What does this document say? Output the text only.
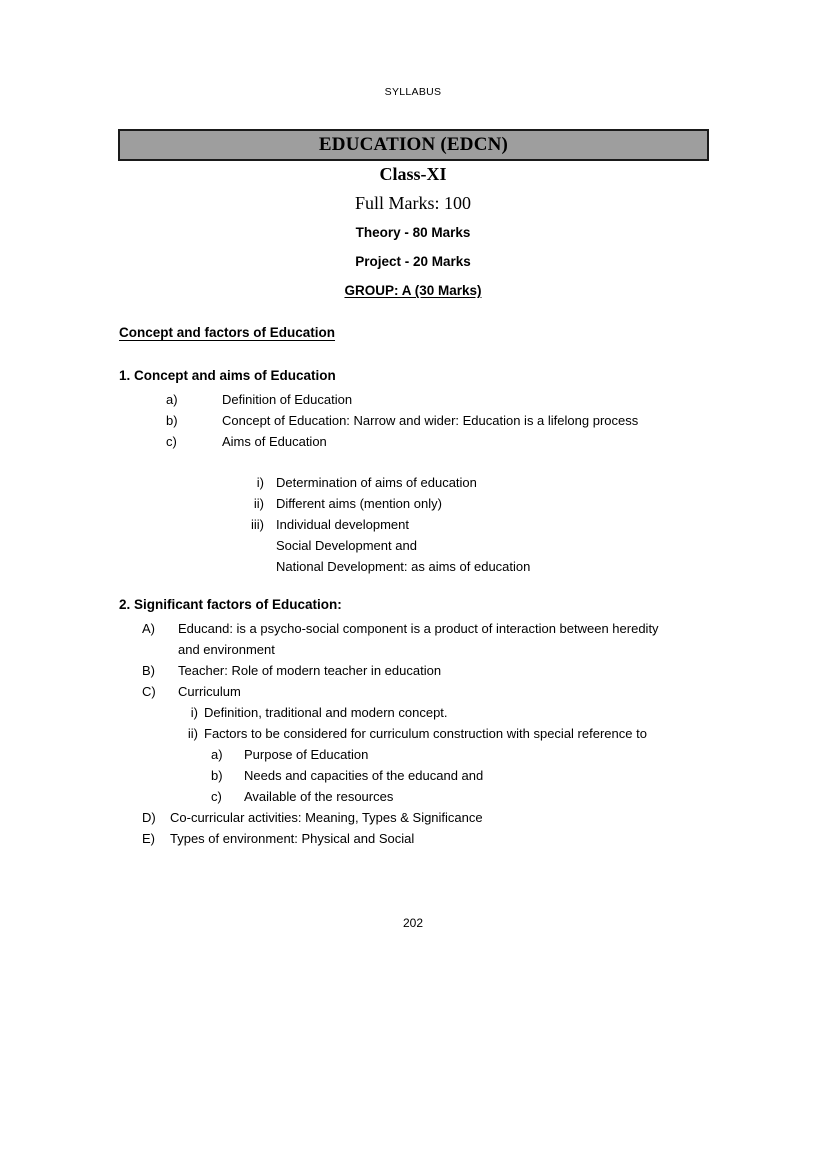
SYLLABUS
EDUCATION (EDCN)
Class-XI
Full Marks: 100
Theory - 80 Marks
Project - 20 Marks
GROUP: A (30 Marks)
Concept and factors of Education
1. Concept and aims of Education
a)	Definition of Education
b)	Concept of Education: Narrow and wider: Education is a lifelong process
c)	Aims of Education
i) Determination of aims of education
ii) Different aims (mention only)
iii) Individual development
Social Development and
National Development: as aims of education
2. Significant factors of Education:
A)	Educand: is a psycho-social component is a product of interaction between heredity
and environment
B)	Teacher: Role of modern teacher in education
C)	Curriculum
i) Definition, traditional and modern concept.
ii) Factors to be considered for curriculum construction with special reference to
a)	Purpose of Education
b)	Needs and capacities of the educand and
c)	Available of the resources
D)	Co-curricular activities: Meaning, Types & Significance
E)	Types of environment: Physical and Social
202
